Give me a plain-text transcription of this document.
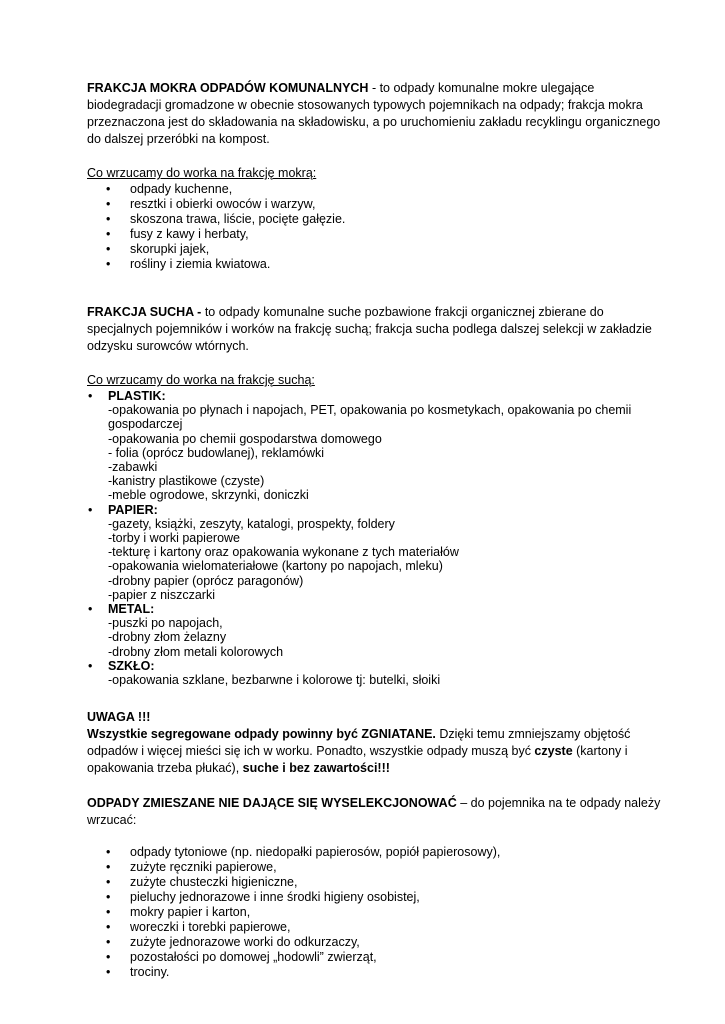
FRAKCJA MOKRA ODPADÓW KOMUNALNYCH - to odpady komunalne mokre ulegające biodegradacji gromadzone w obecnie stosowanych typowych pojemnikach na odpady; frakcja mokra przeznaczona jest do składowania na składowisku, a po uruchomieniu zakładu recyklingu organicznego do dalszej przeróbki na kompost.

Co wrzucamy do worka na frakcję mokrą:

• odpady kuchenne,
• resztki i obierki owoców i warzyw,
• skoszona trawa, liście, pocięte gałęzie.
• fusy z kawy i herbaty,
• skorupki jajek,
• rośliny i ziemia kwiatowa.

FRAKCJA SUCHA - to odpady komunalne suche pozbawione frakcji organicznej zbierane do specjalnych pojemników i worków na frakcję suchą; frakcja sucha podlega dalszej selekcji w zakładzie odzysku surowców wtórnych.

Co wrzucamy do worka na frakcję suchą:

• PLASTIK:
-opakowania po płynach i napojach, PET, opakowania po kosmetykach, opakowania po chemii gospodarczej
-opakowania po chemii gospodarstwa domowego
- folia (oprócz budowlanej), reklamówki
-zabawki
-kanistry plastikowe (czyste)
-meble ogrodowe, skrzynki, doniczki
• PAPIER:
-gazety, książki, zeszyty, katalogi, prospekty, foldery
-torby i worki papierowe
-tekturę i kartony oraz opakowania wykonane z tych materiałów
-opakowania wielomateriałowe (kartony po napojach, mleku)
-drobny papier (oprócz paragonów)
-papier z niszczarki
• METAL:
-puszki po napojach,
-drobny złom żelazny
-drobny złom metali kolorowych
• SZKŁO:
-opakowania szklane, bezbarwne i kolorowe tj: butelki, słoiki

UWAGA !!!

Wszystkie segregowane odpady powinny być ZGNIATANE. Dzięki temu zmniejszamy objętość odpadów i więcej mieści się ich w worku. Ponadto, wszystkie odpady muszą być czyste (kartony i opakowania trzeba płukać), suche i bez zawartości!!!

ODPADY ZMIESZANE NIE DAJĄCE SIĘ WYSELEKCJONOWAĆ – do pojemnika na te odpady należy wrzucać:

• odpady tytoniowe (np. niedopałki papierosów, popiół papierosowy),
• zużyte ręczniki papierowe,
• zużyte chusteczki higieniczne,
• pieluchy jednorazowe i inne środki higieny osobistej,
• mokry papier i karton,
• woreczki i torebki papierowe,
• zużyte jednorazowe worki do odkurzaczy,
• pozostałości po domowej „hodowli” zwierząt,
• trociny.
